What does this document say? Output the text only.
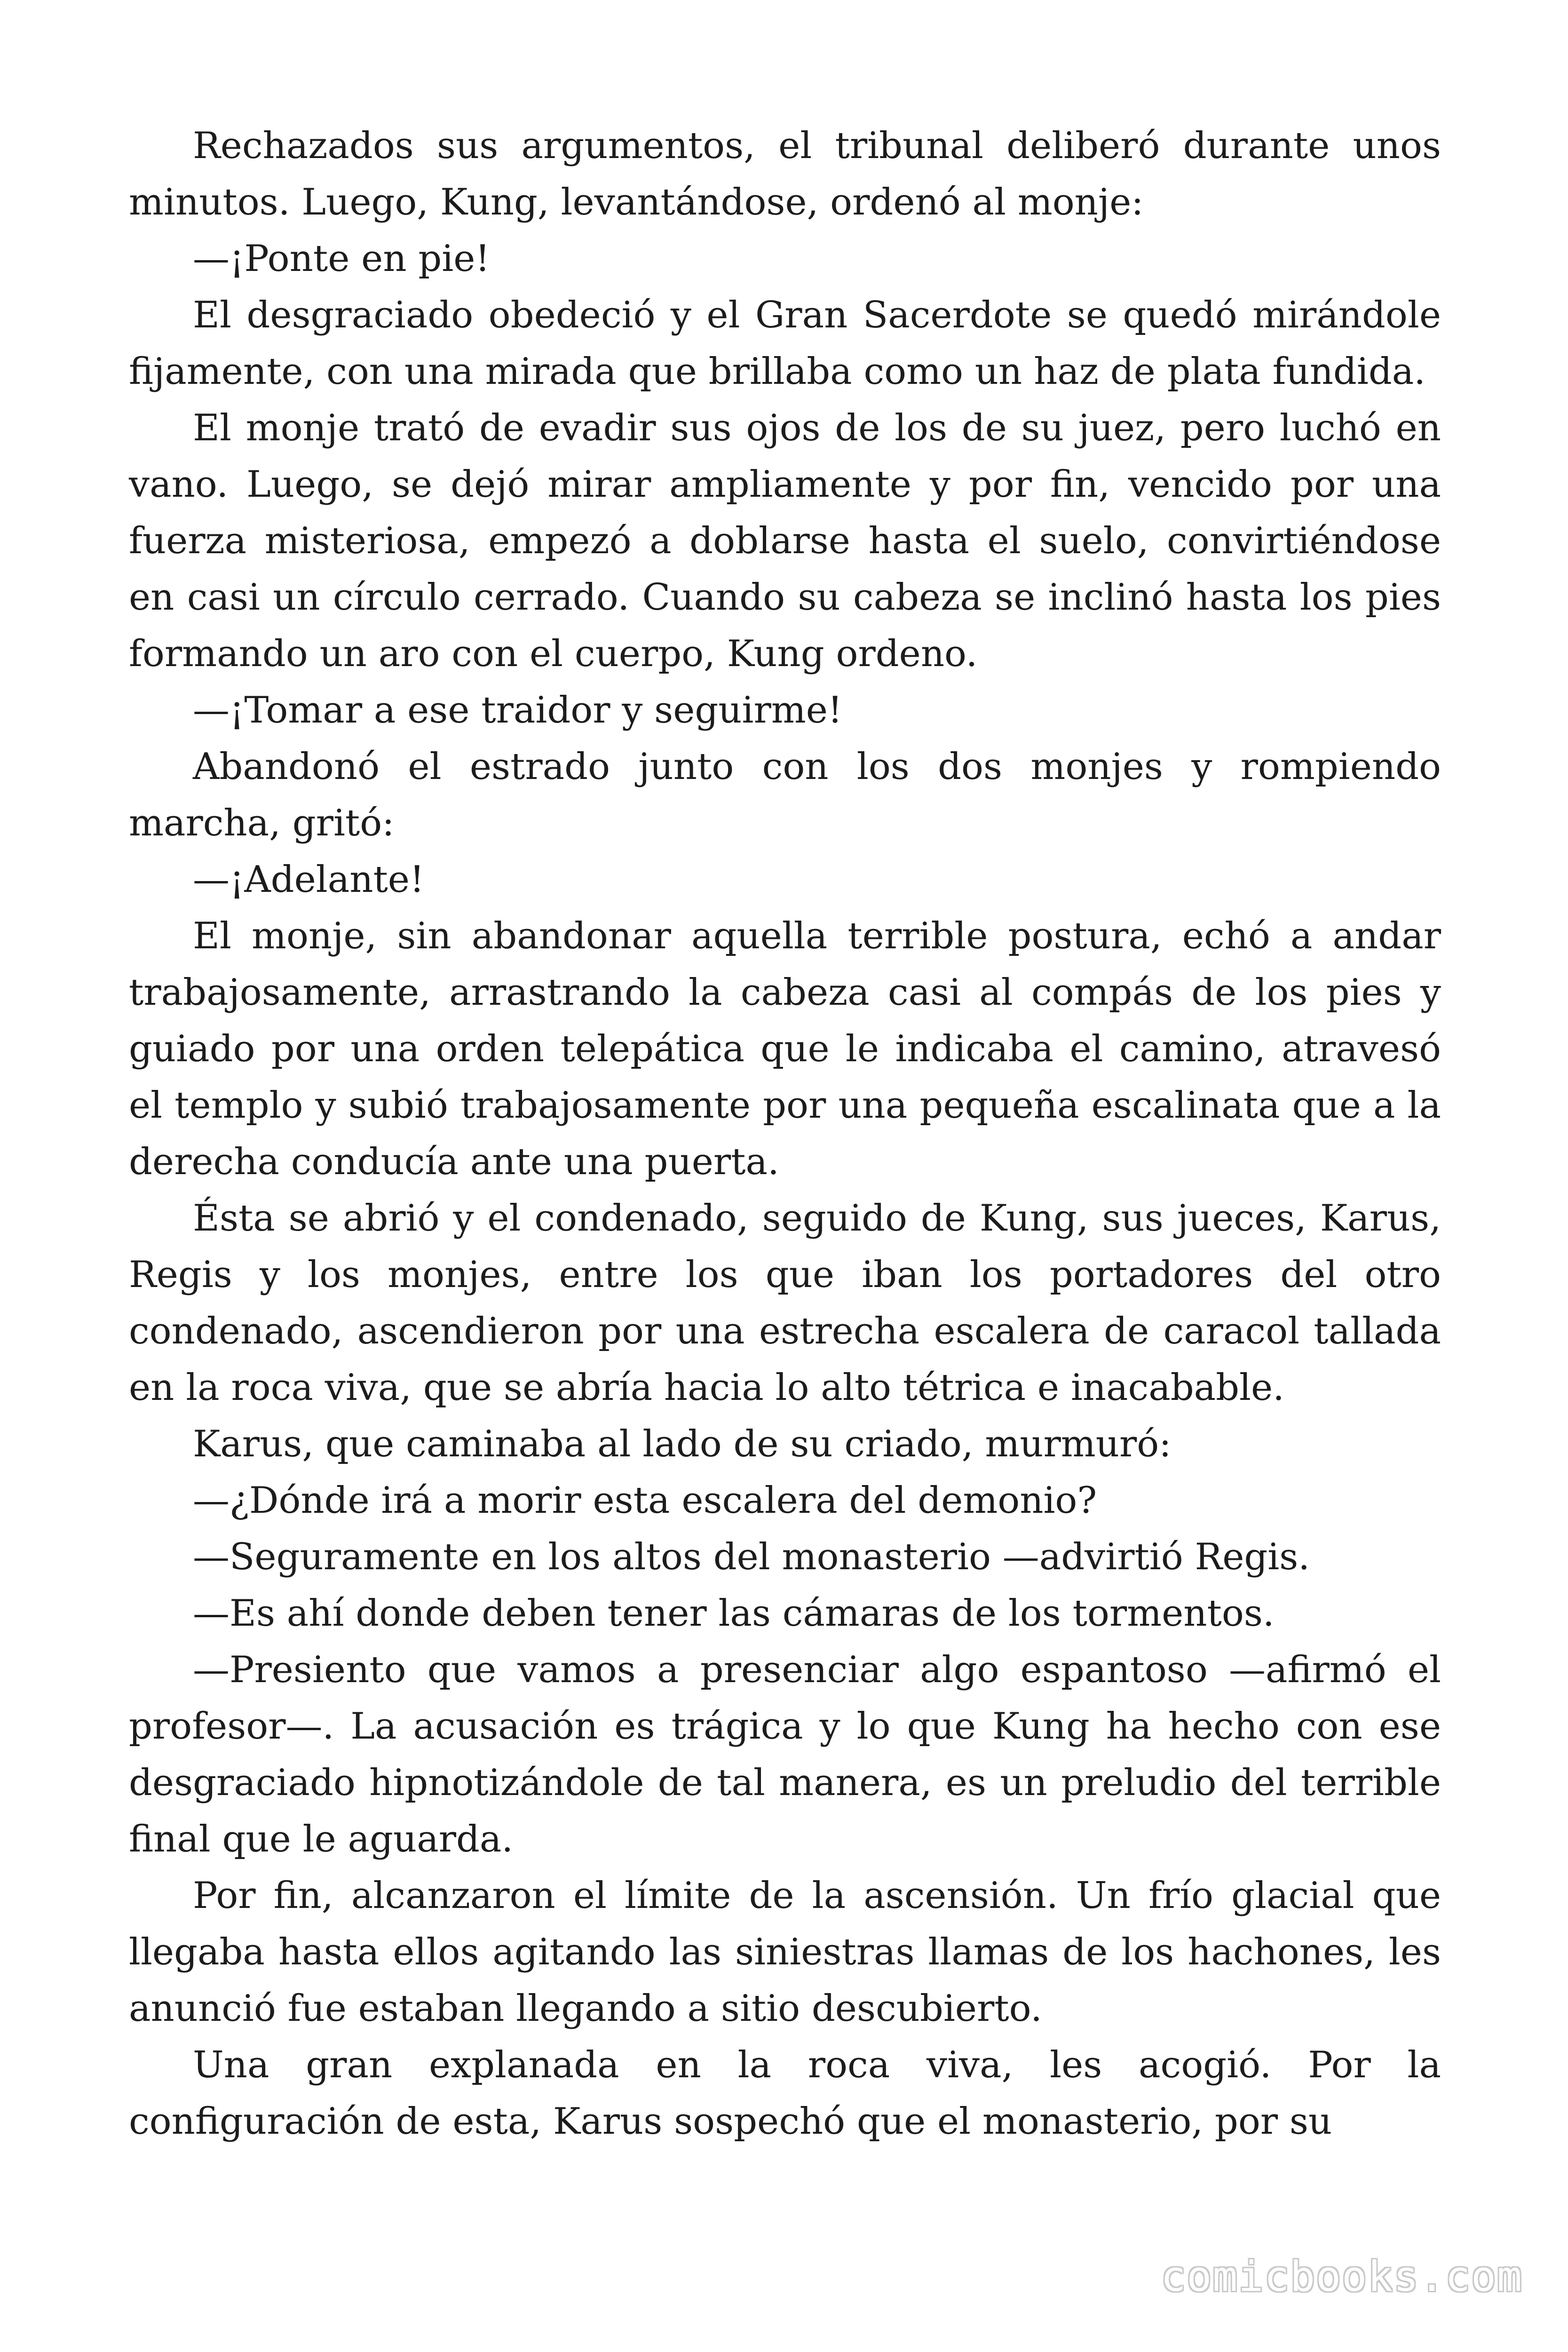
Rechazados sus argumentos, el tribunal deliberó durante unos minutos. Luego, Kung, levantándose, ordenó al monje:

—¡Ponte en pie!

El desgraciado obedeció y el Gran Sacerdote se quedó mirándole fijamente, con una mirada que brillaba como un haz de plata fundida.

El monje trató de evadir sus ojos de los de su juez, pero luchó en vano. Luego, se dejó mirar ampliamente y por fin, vencido por una fuerza misteriosa, empezó a doblarse hasta el suelo, convirtiéndose en casi un círculo cerrado. Cuando su cabeza se inclinó hasta los pies formando un aro con el cuerpo, Kung ordeno.

—¡Tomar a ese traidor y seguirme!

Abandonó el estrado junto con los dos monjes y rompiendo marcha, gritó:

—¡Adelante!

El monje, sin abandonar aquella terrible postura, echó a andar trabajosamente, arrastrando la cabeza casi al compás de los pies y guiado por una orden telepática que le indicaba el camino, atravesó el templo y subió trabajosamente por una pequeña escalinata que a la derecha conducía ante una puerta.

Ésta se abrió y el condenado, seguido de Kung, sus jueces, Karus, Regis y los monjes, entre los que iban los portadores del otro condenado, ascendieron por una estrecha escalera de caracol tallada en la roca viva, que se abría hacia lo alto tétrica e inacabable.

Karus, que caminaba al lado de su criado, murmuró:

—¿Dónde irá a morir esta escalera del demonio?

—Seguramente en los altos del monasterio —advirtió Regis.

—Es ahí donde deben tener las cámaras de los tormentos.

—Presiento que vamos a presenciar algo espantoso —afirmó el profesor—. La acusación es trágica y lo que Kung ha hecho con ese desgraciado hipnotizándole de tal manera, es un preludio del terrible final que le aguarda.

Por fin, alcanzaron el límite de la ascensión. Un frío glacial que llegaba hasta ellos agitando las siniestras llamas de los hachones, les anunció fue estaban llegando a sitio descubierto.

Una gran explanada en la roca viva, les acogió. Por la configuración de esta, Karus sospechó que el monasterio, por su

comicbooks.com
